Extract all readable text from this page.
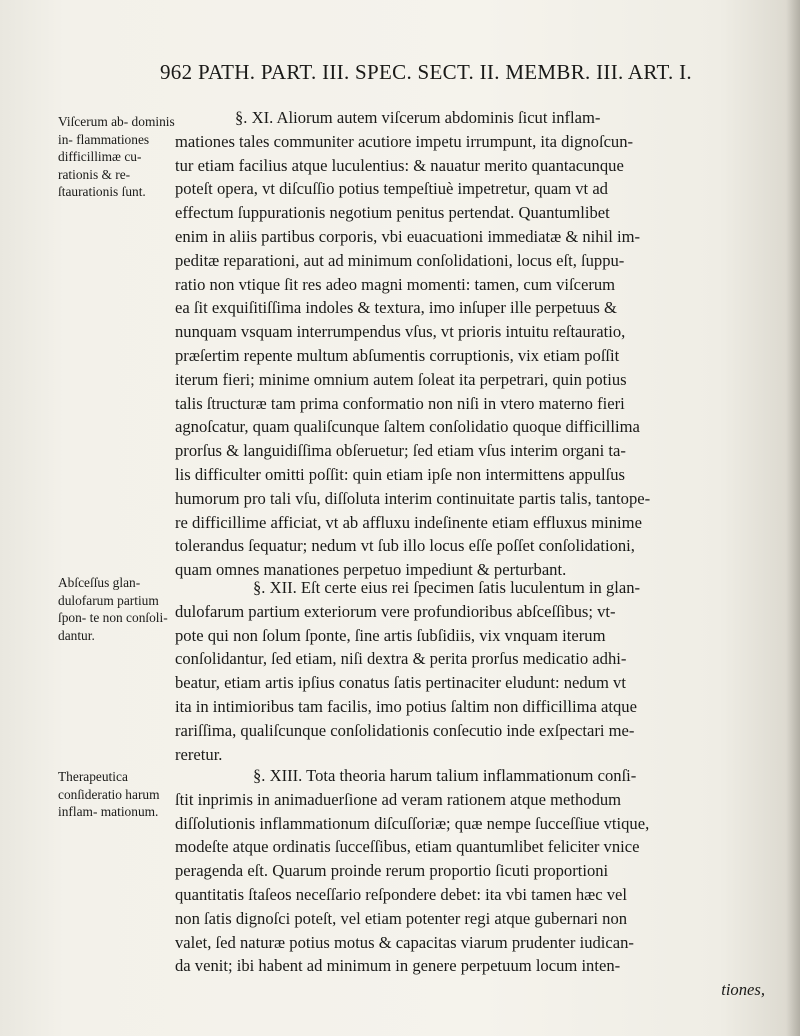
962 PATH. PART. III. SPEC. SECT. II. MEMBR. III. ART. I.
Viſcerum ab- dominis in- flammationes difficillimæ cu- rationis & re- ſtaurationis ſunt.
Abſceſſus glan- dulofarum partium ſpon- te non conſoli- dantur.
Therapeutica conſideratio harum inflam- mationum.
§. XI. Aliorum autem viſcerum abdominis ſicut inflam-
mationes tales communiter acutiore impetu irrumpunt, ita dignoſcun-
tur etiam facilius atque luculentius: & nauatur merito quantacunque
poteſt opera, vt diſcuſſio potius tempeſtiuè impetretur, quam vt ad
effectum ſuppurationis negotium penitus pertendat. Quantumlibet
enim in aliis partibus corporis, vbi euacuationi immediatæ & nihil im-
peditæ reparationi, aut ad minimum conſolidationi, locus eſt, ſuppu-
ratio non vtique ſit res adeo magni momenti: tamen, cum viſcerum
ea ſit exquiſitiſſima indoles & textura, imo inſuper ille perpetuus &
nunquam vsquam interrumpendus vſus, vt prioris intuitu reſtauratio,
præſertim repente multum abſumentis corruptionis, vix etiam poſſit
iterum fieri; minime omnium autem ſoleat ita perpetrari, quin potius
talis ſtructuræ tam prima conformatio non niſi in vtero materno fieri
agnoſcatur, quam qualiſcunque ſaltem conſolidatio quoque difficillima
prorſus & languidiſſima obſeruetur; ſed etiam vſus interim organi ta-
lis difficulter omitti poſſit: quin etiam ipſe non intermittens appulſus
humorum pro tali vſu, diſſoluta interim continuitate partis talis, tantope-
re difficillime afficiat, vt ab affluxu indeſinente etiam effluxus minime
tolerandus ſequatur; nedum vt ſub illo locus eſſe poſſet conſolidationi,
quam omnes manationes perpetuo impediunt & perturbant.
§. XII. Eſt certe eius rei ſpecimen ſatis luculentum in glan-
dulofarum partium exteriorum vere profundioribus abſceſſibus; vt-
pote qui non ſolum ſponte, ſine artis ſubſidiis, vix vnquam iterum
conſolidantur, ſed etiam, niſi dextra & perita prorſus medicatio adhi-
beatur, etiam artis ipſius conatus ſatis pertinaciter eludunt: nedum vt
ita in intimioribus tam facilis, imo potius ſaltim non difficillima atque
rariſſima, qualiſcunque conſolidationis conſecutio inde exſpectari me-
reretur.
§. XIII. Tota theoria harum talium inflammationum conſi-
ſtit inprimis in animaduerſione ad veram rationem atque methodum
diſſolutionis inflammationum diſcuſſoriæ; quæ nempe ſucceſſiue vtique,
modeſte atque ordinatis ſucceſſibus, etiam quantumlibet feliciter vnice
peragenda eſt. Quarum proinde rerum proportio ſicuti proportioni
quantitatis ſtaſeos neceſſario reſpondere debet: ita vbi tamen hæc vel
non ſatis dignoſci poteſt, vel etiam potenter regi atque gubernari non
valet, ſed naturæ potius motus & capacitas viarum prudenter iudican-
da venit; ibi habent ad minimum in genere perpetuum locum inten-
tiones,
